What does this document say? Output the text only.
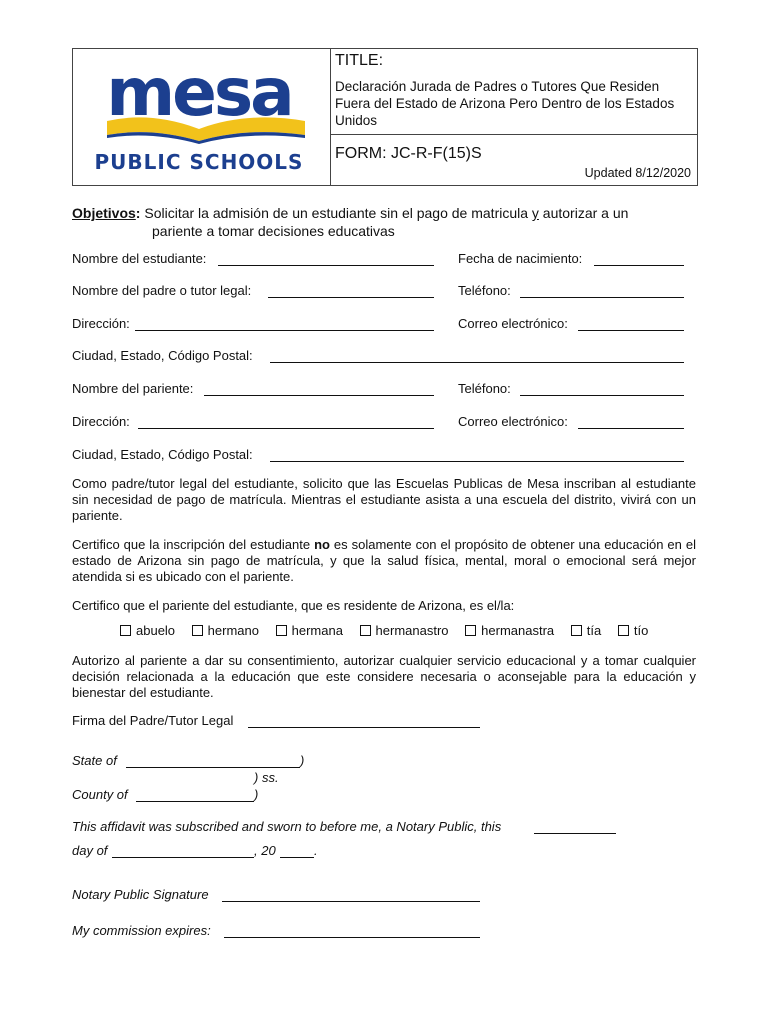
mesa
PUBLIC SCHOOLS
TITLE:
Declaración Jurada de Padres o Tutores Que Residen Fuera del Estado de Arizona Pero Dentro de los Estados Unidos
FORM: JC-R-F(15)S
Updated 8/12/2020
Objetivos: Solicitar la admisión de un estudiante sin el pago de matricula y autorizar a un
pariente a tomar decisiones educativas
Nombre del estudiante:	Fecha de nacimiento:
Nombre del padre o tutor legal:	Teléfono:
Dirección:	Correo electrónico:
Ciudad, Estado, Código Postal:
Nombre del pariente:	Teléfono:
Dirección:	Correo electrónico:
Ciudad, Estado, Código Postal:
Como padre/tutor legal del estudiante, solicito que las Escuelas Publicas de Mesa inscriban al estudiante sin necesidad de pago de matrícula. Mientras el estudiante asista a una escuela del distrito, vivirá con un pariente.
Certifico que la inscripción del estudiante no es solamente con el propósito de obtener una educación en el estado de Arizona sin pago de matrícula, y que la salud física, mental, moral o emocional será mejor atendida si es ubicado con el pariente.
Certifico que el pariente del estudiante, que es residente de Arizona, es el/la:
abuelo	hermano	hermana	hermanastro	hermanastra	tía	tío
Autorizo al pariente a dar su consentimiento, autorizar cualquier servicio educacional y a tomar cualquier decisión relacionada a la educación que este considere necesaria o aconsejable para la educación y bienestar del estudiante.
Firma del Padre/Tutor Legal
State of	)
) ss.
County of	)
This affidavit was subscribed and sworn to before me, a Notary Public, this
day of	, 20	.
Notary Public Signature
My commission expires:
